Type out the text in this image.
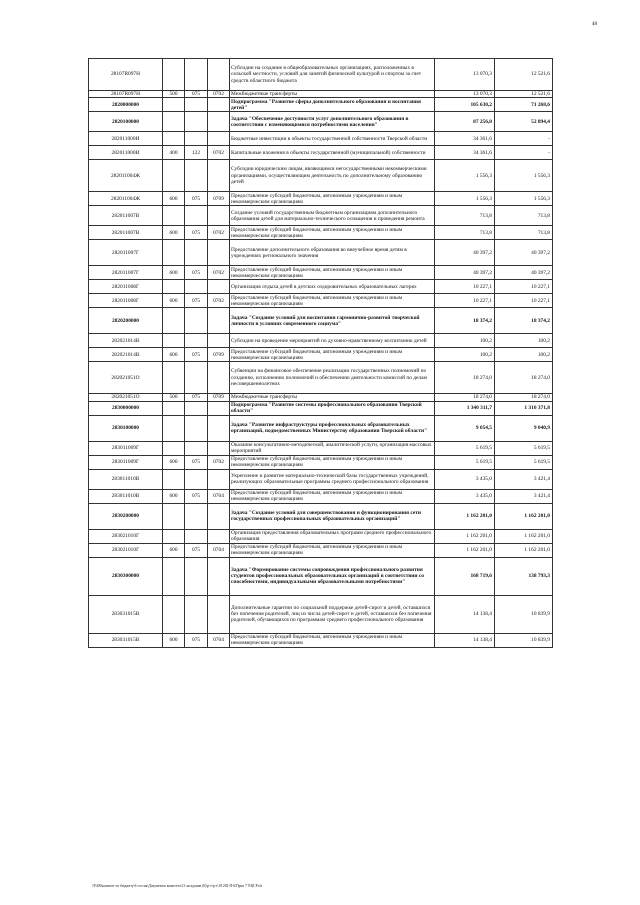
48
28107R097Н				Субсидии на создание в общеобразовательных организациях, расположенных в сельской местности, условий для занятий физической культурой и спортом за счет средств областного бюджета	13 070,3	12 521,6
28107R097Н	500	075	0702	Межбюджетные трансферты	13 070,3	12 521,6
2820000000				Подпрограмма "Развитие сферы дополнительного образования и воспитания детей"	105 630,2	71 268,6
2820100000				Задача "Обеспечение доступности услуг дополнительного образования в соответствии с изменяющимися потребностями населения"	87 256,0	52 894,4
282011000И				Бюджетные инвестиции в объекты государственной собственности Тверской области	34 361,6	-
282011000И	400	122	0702	Капитальные вложения в объекты государственной (муниципальной) собственности	34 361,6	-
282011004Ж				Субсидии юридическим лицам, являющимся негосударственными некоммерческими организациями, осуществляющим деятельность по дополнительному образованию детей	1 556,3	1 556,3
282011004Ж	600	075	0709	Предоставление субсидий бюджетным, автономным учреждениям и иным некоммерческим организациям	1 556,3	1 556,3
282011007В				Создание условий государственным бюджетным организациям дополнительного образования детей для материально-технического оснащения и проведения ремонта	713,8	713,8
282011007В	600	075	0702	Предоставление субсидий бюджетным, автономным учреждениям и иным некоммерческим организациям	713,8	713,8
282011007Г				Предоставление дополнительного образования во внеучебное время детям в учреждениях регионального значения	40 397,2	40 397,2
282011007Г	600	075	0702	Предоставление субсидий бюджетным, автономным учреждениям и иным некоммерческим организациям	40 397,2	40 397,2
282011008Г				Организация отдыха детей в детских оздоровительных образовательных лагерях	10 227,1	10 227,1
282011008Г	600	075	0702	Предоставление субсидий бюджетным, автономным учреждениям и иным некоммерческим организациям	10 227,1	10 227,1
2820200000				Задача "Создание условий для воспитания гармонично-развитой творческой личности в условиях современного социума"	18 374,2	18 374,2
282021014В				Субсидии на проведение мероприятий по духовно-нравственному воспитанию детей	100,2	100,2
282021014В	600	075	0709	Предоставление субсидий бюджетным, автономным учреждениям и иным некоммерческим организациям	100,2	100,2
282021051О				Субвенции на финансовое обеспечение реализации государственных полномочий по созданию, исполнению полномочий и обеспечению деятельности комиссий по делам несовершеннолетних	18 274,0	18 274,0
282021051О	500	075	0709	Межбюджетные трансферты	18 274,0	18 274,0
2830000000				Подпрограмма "Развитие системы профессионального образования Тверской области"	1 340 311,7	1 310 371,8
2830100000				Задача "Развитие инфраструктуры профессиональных образовательных организаций, подведомственных Министерству образования Тверской области"	9 054,5	9 040,9
283011009Г				Оказание консультативно-методической, аналитической услуги, организация массовых мероприятий	5 619,5	5 619,5
283011009Г	600	075	0702	Предоставление субсидий бюджетным, автономным учреждениям и иным некоммерческим организациям	5 619,5	5 619,5
283011010В				Укрепление и развитие материально-технической базы государственных учреждений, реализующих образовательные программы среднего профессионального образования	3 435,0	3 421,4
283011010В	600	075	0704	Предоставление субсидий бюджетным, автономным учреждениям и иным некоммерческим организациям	3 435,0	3 421,4
2830200000				Задача "Создание условий для совершенствования и функционирования сети государственных профессиональных образовательных организаций"	1 162 201,0	1 162 201,0
283021010Г				Организация предоставления образовательных программ среднего профессионального образования	1 162 201,0	1 162 201,0
283021010Г	600	075	0704	Предоставление субсидий бюджетным, автономным учреждениям и иным некоммерческим организациям	1 162 201,0	1 162 201,0
2830300000				Задача "Формирование системы сопровождения профессионального развития студентов профессиональных образовательных организаций в соответствии со способностями, индивидуальными образовательными потребностями"	168 719,6	138 793,3
283031015В				Дополнительные гарантии по социальной поддержке детей-сирот и детей, оставшихся без попечения родителей, лиц из числа детей-сирот и детей, оставшихся без попечения родителей, обучающихся по программам среднего профессионального образования	14 138,4	10 839,9
283031015В	600	075	0704	Предоставление субсидий бюджетным, автономным учреждениям и иным некоммерческим организациям	14 138,4	10 839,9
\\F400\комитет по бюджету\6 сессия\Документы комитета\13 заседание (6)\р-т\р-т\18 282-П-6\Прил 7 9\ЦСР.xls
